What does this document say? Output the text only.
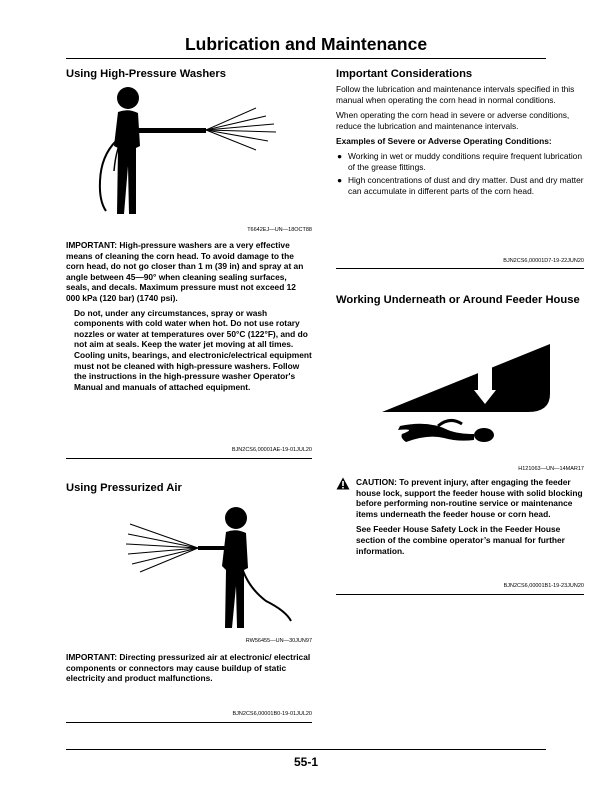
Lubrication and Maintenance
Using High-Pressure Washers
T6642EJ—UN—18OCT88

IMPORTANT: High-pressure washers are a very effective means of cleaning the corn head. To avoid damage to the corn head, do not go closer than 1 m (39 in) and spray at an angle between 45—90° when cleaning sealing surfaces, seals, and decals. Maximum pressure must not exceed 12 000 kPa (120 bar) (1740 psi).

Do not, under any circumstances, spray or wash components with cold water when hot. Do not use rotary nozzles or water at temperatures over 50°C (122°F), and do not aim at seals. Keep the water jet moving at all times. Cooling units, bearings, and electronic/electrical equipment must not be cleaned with high-pressure washers. Follow the instructions in the high-pressure washer Operator's Manual and manuals of attached equipment.

BJN2CS6,00001AE-19-01JUL20
Using Pressurized Air
RW56455—UN—30JUN97

IMPORTANT: Directing pressurized air at electronic/ electrical components or connectors may cause buildup of static electricity and product malfunctions.

BJN2CS6,00001B0-19-01JUL20
Important Considerations

Follow the lubrication and maintenance intervals specified in this manual when operating the corn head in normal conditions.

When operating the corn head in severe or adverse conditions, reduce the lubrication and maintenance intervals.

Examples of Severe or Adverse Operating Conditions:

● Working in wet or muddy conditions require frequent lubrication of the grease fittings.
● High concentrations of dust and dry matter. Dust and dry matter can accumulate in different parts of the corn head.
BJN2CS6,00001D7-19-22JUN20
Working Underneath or Around Feeder House
H121063—UN—14MAR17

CAUTION: To prevent injury, after engaging the feeder house lock, support the feeder house with solid blocking before performing non-routine service or maintenance items underneath the feeder house or corn head.

See Feeder House Safety Lock in the Feeder House section of the combine operator’s manual for further information.

BJN2CS6,00001B1-19-23JUN20
55-1
